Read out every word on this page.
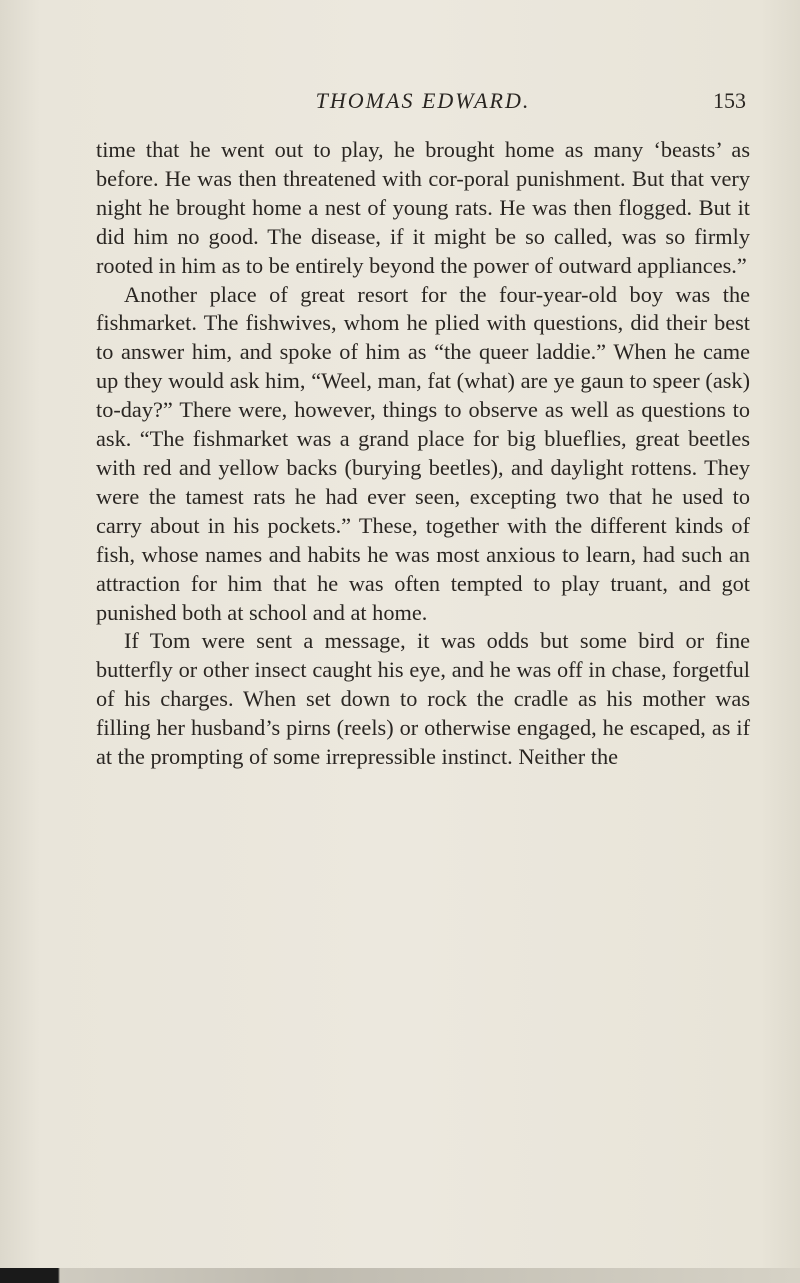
THOMAS EDWARD.	153

time that he went out to play, he brought home as many ‘beasts’ as before. He was then threatened with cor-poral punishment. But that very night he brought home a nest of young rats. He was then flogged. But it did him no good. The disease, if it might be so called, was so firmly rooted in him as to be entirely beyond the power of outward appliances.”

Another place of great resort for the four-year-old boy was the fishmarket. The fishwives, whom he plied with questions, did their best to answer him, and spoke of him as “the queer laddie.” When he came up they would ask him, “Weel, man, fat (what) are ye gaun to speer (ask) to-day?” There were, however, things to observe as well as questions to ask. “The fishmarket was a grand place for big blueflies, great beetles with red and yellow backs (burying beetles), and daylight rottens. They were the tamest rats he had ever seen, excepting two that he used to carry about in his pockets.” These, together with the different kinds of fish, whose names and habits he was most anxious to learn, had such an attraction for him that he was often tempted to play truant, and got punished both at school and at home.

If Tom were sent a message, it was odds but some bird or fine butterfly or other insect caught his eye, and he was off in chase, forgetful of his charges. When set down to rock the cradle as his mother was filling her husband’s pirns (reels) or otherwise engaged, he escaped, as if at the prompting of some irrepressible instinct. Neither the
